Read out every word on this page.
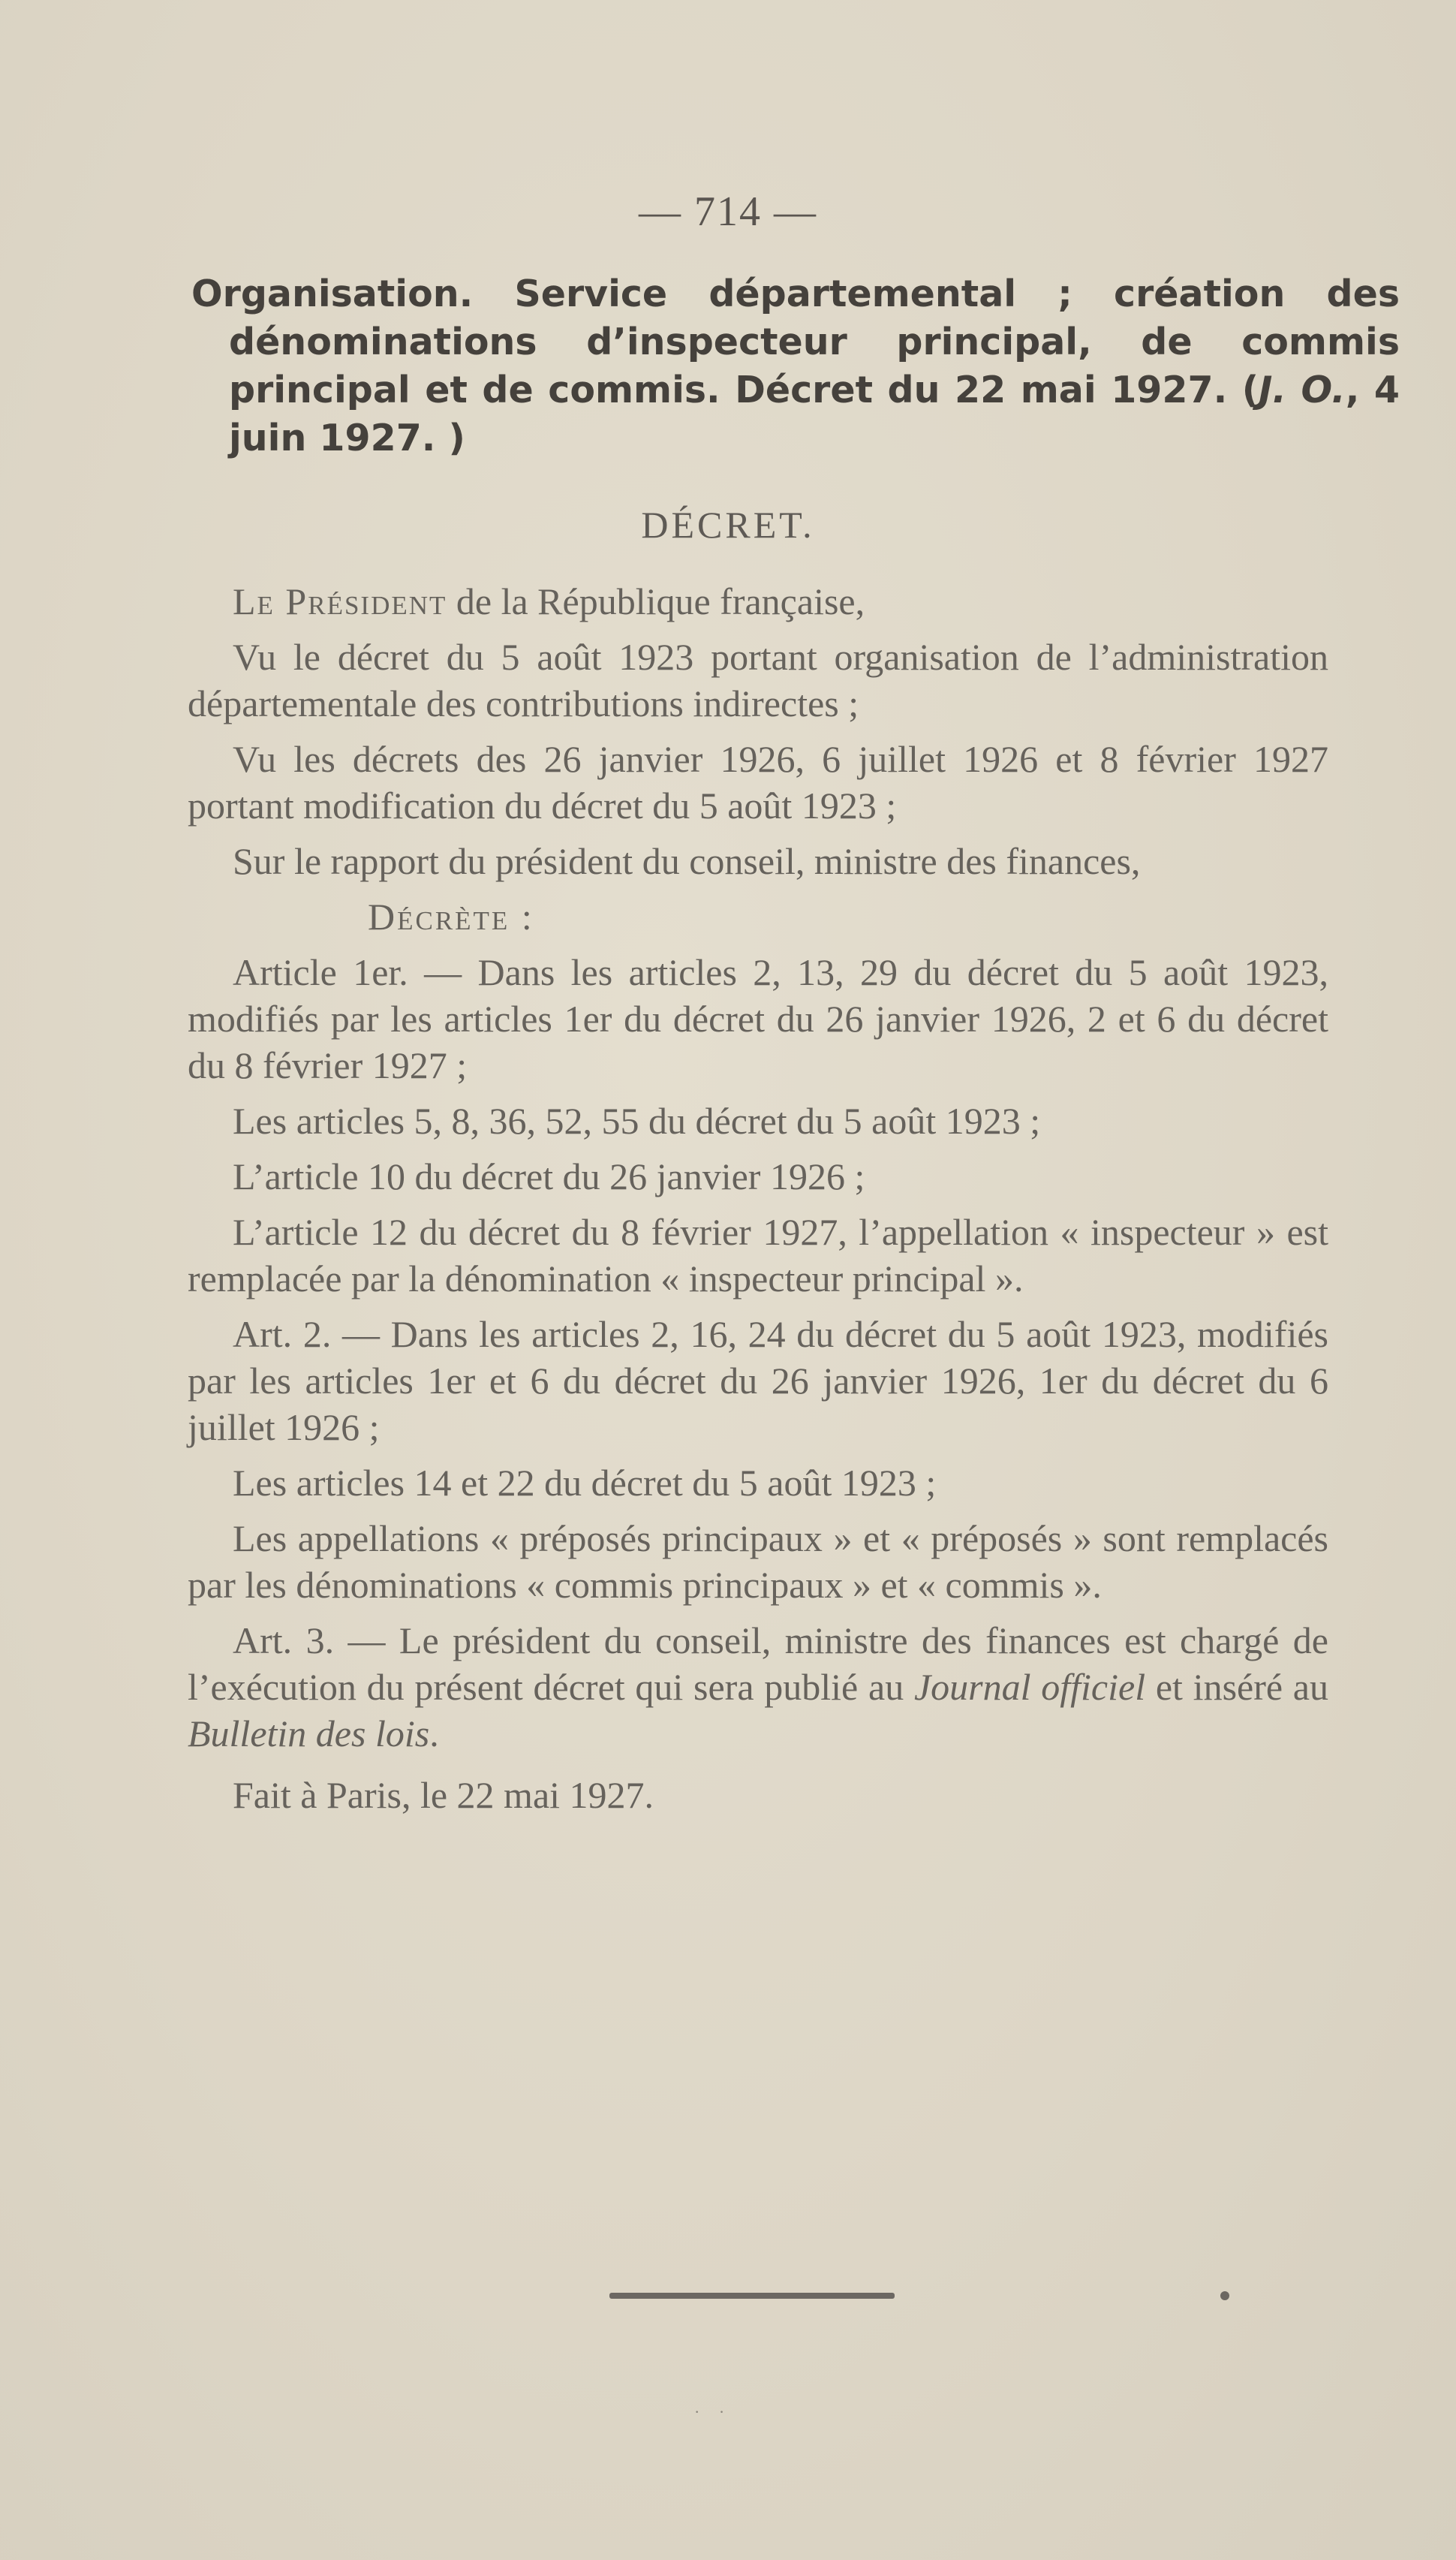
— 714 —
Organisation. Service départemental ; création des dénominations d’inspecteur principal, de commis principal et de commis. Décret du 22 mai 1927. (J. O., 4 juin 1927. )
DÉCRET.

Le Président de la République française,

Vu le décret du 5 août 1923 portant organisation de l’administration départementale des contributions indirectes ;

Vu les décrets des 26 janvier 1926, 6 juillet 1926 et 8 février 1927 portant modification du décret du 5 août 1923 ;

Sur le rapport du président du conseil, ministre des finances,

Décrète :

Article 1er. — Dans les articles 2, 13, 29 du décret du 5 août 1923, modifiés par les articles 1er du décret du 26 janvier 1926, 2 et 6 du décret du 8 février 1927 ;

Les articles 5, 8, 36, 52, 55 du décret du 5 août 1923 ;

L’article 10 du décret du 26 janvier 1926 ;

L’article 12 du décret du 8 février 1927, l’appellation « inspecteur » est remplacée par la dénomination « inspecteur principal ».

Art. 2. — Dans les articles 2, 16, 24 du décret du 5 août 1923, modifiés par les articles 1er et 6 du décret du 26 janvier 1926, 1er du décret du 6 juillet 1926 ;

Les articles 14 et 22 du décret du 5 août 1923 ;

Les appellations « préposés principaux » et « préposés » sont remplacés par les dénominations « commis principaux » et « commis ».

Art. 3. — Le président du conseil, ministre des finances est chargé de l’exécution du présent décret qui sera publié au Journal officiel et inséré au Bulletin des lois.

Fait à Paris, le 22 mai 1927.

· ·
